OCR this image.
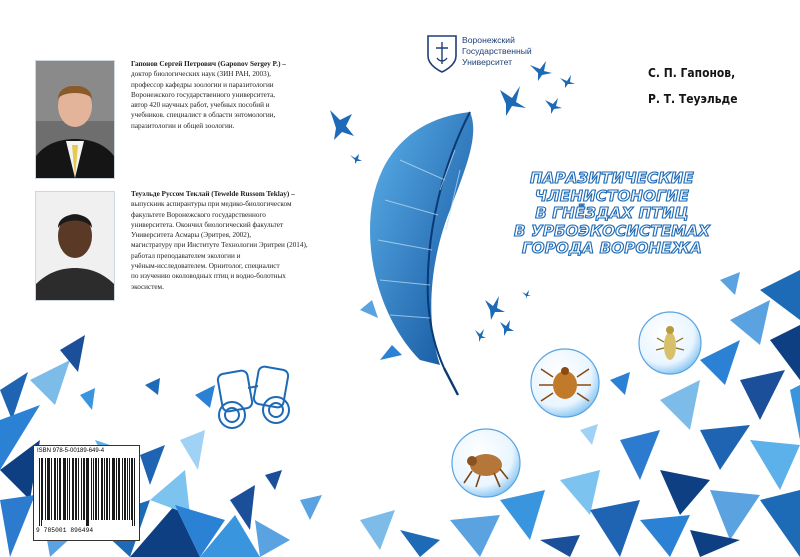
Гапонов Сергей Петрович (Gaponov Sergey P.) –
доктор биологических наук (ЗИН РАН, 2003),
профессор кафедры зоологии и паразитологии
Воронежского государственного университета,
автор 420 научных работ, учебных пособий и
учебников. специалист в области энтомологии,
паразитологии и общей зоологии.
Теуэльде Руссом Теклай (Tewelde Russom Teklay) –
выпускник аспирантуры при медико-биологическом
факультете Воронежского государственного
университета. Окончил биологический факультет
Университета Асмары (Эритрея, 2002),
магистратуру при Институте Технологии Эритреи (2014),
работал преподавателем экологии и
учёным-исследователем. Орнитолог, специалист
по изучению околоводных птиц и водно-болотных
экосистем.
Воронежский
Государственный
Университет
С. П. Гапонов,
Р. Т. Теуэльде
ПАРАЗИТИЧЕСКИЕ
ЧЛЕНИСТОНОГИЕ
В ГНЁЗДАХ ПТИЦ
В УРБОЭКОСИСТЕМАХ
ГОРОДА ВОРОНЕЖА
ISBN 978-5-00189-649-4
9 785001 896494
